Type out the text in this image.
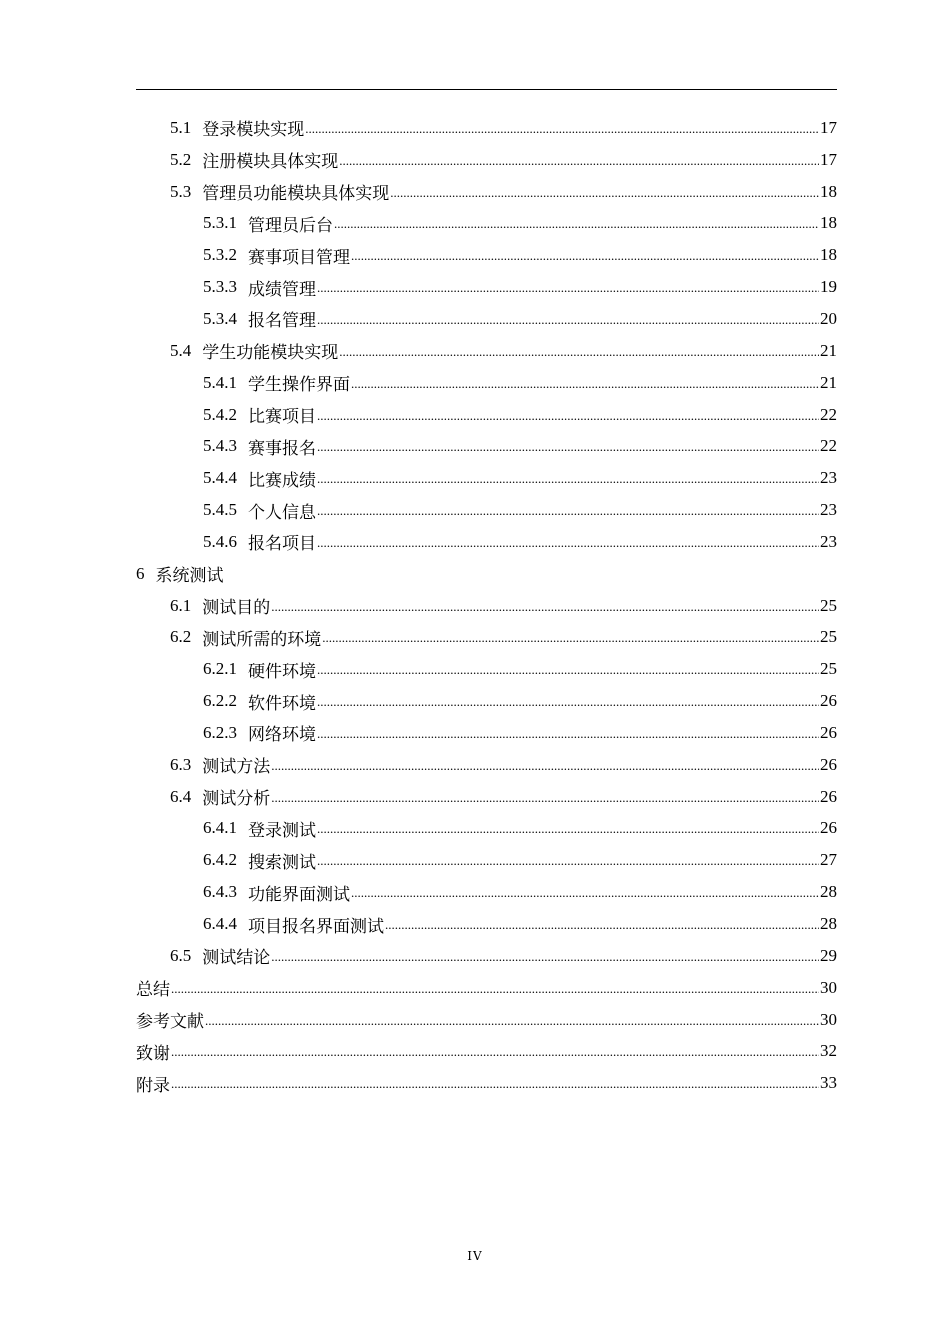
5.1 登录模块实现 .....	17
5.2 注册模块具体实现 .....	17
5.3 管理员功能模块具体实现 .....	18
5.3.1 管理员后台 .....	18
5.3.2 赛事项目管理 .....	18
5.3.3 成绩管理 .....	19
5.3.4 报名管理 .....	20
5.4 学生功能模块实现 .....	21
5.4.1 学生操作界面 .....	21
5.4.2 比赛项目 .....	22
5.4.3 赛事报名 .....	22
5.4.4 比赛成绩 .....	23
5.4.5 个人信息 .....	23
5.4.6 报名项目 .....	23
6 系统测试
6.1 测试目的 .....	25
6.2 测试所需的环境 .....	25
6.2.1 硬件环境 .....	25
6.2.2 软件环境 .....	26
6.2.3 网络环境 .....	26
6.3 测试方法 .....	26
6.4 测试分析 .....	26
6.4.1 登录测试 .....	26
6.4.2 搜索测试 .....	27
6.4.3 功能界面测试 .....	28
6.4.4 项目报名界面测试 .....	28
6.5 测试结论 .....	29
总结 .....	30
参考文献 .....	30
致谢 .....	32
附录 .....	33
IV
